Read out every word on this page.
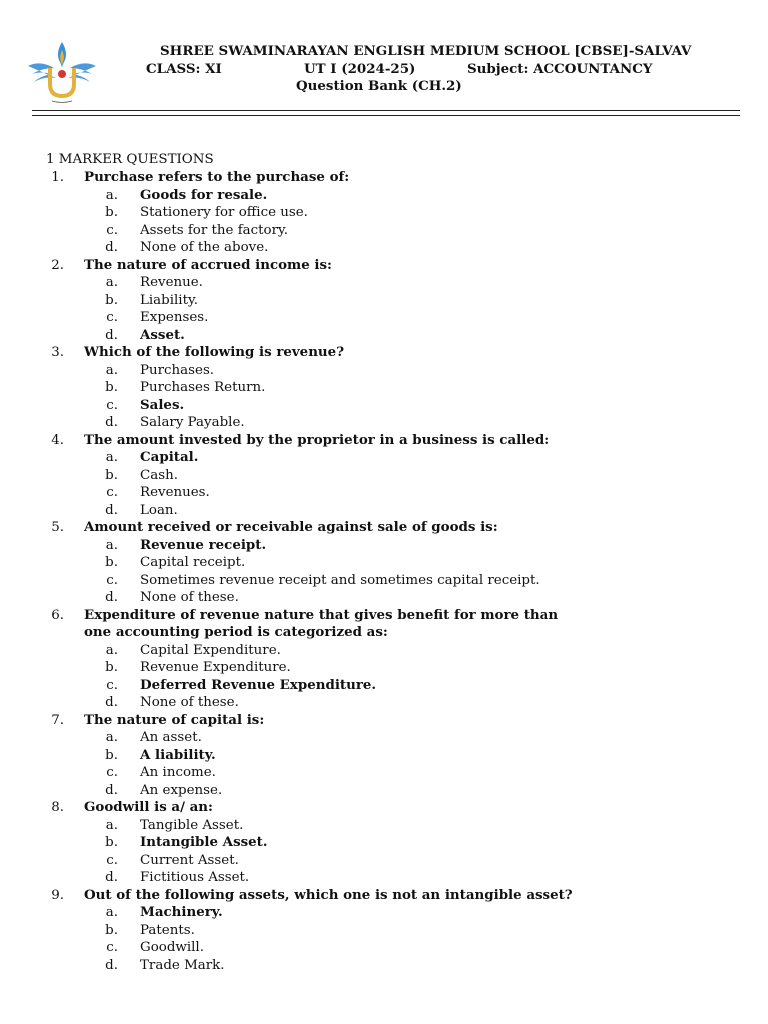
SHREE SWAMINARAYAN ENGLISH MEDIUM SCHOOL [CBSE]-SALVAV
CLASS: XI	UT I (2024-25)	Subject: ACCOUNTANCY
Question Bank (CH.2)
1 MARKER QUESTIONS
1.	Purchase refers to the purchase of:
a.	Goods for resale.
b.	Stationery for office use.
c.	Assets for the factory.
d.	None of the above.
2.	The nature of accrued income is:
a.	Revenue.
b.	Liability.
c.	Expenses.
d.	Asset.
3.	Which of the following is revenue?
a.	Purchases.
b.	Purchases Return.
c.	Sales.
d.	Salary Payable.
4.	The amount invested by the proprietor in a business is called:
a.	Capital.
b.	Cash.
c.	Revenues.
d.	Loan.
5.	Amount received or receivable against sale of goods is:
a.	Revenue receipt.
b.	Capital receipt.
c.	Sometimes revenue receipt and sometimes capital receipt.
d.	None of these.
6.	Expenditure of revenue nature that gives benefit for more than one accounting period is categorized as:
a.	Capital Expenditure.
b.	Revenue Expenditure.
c.	Deferred Revenue Expenditure.
d.	None of these.
7.	The nature of capital is:
a.	An asset.
b.	A liability.
c.	An income.
d.	An expense.
8.	Goodwill is a/ an:
a.	Tangible Asset.
b.	Intangible Asset.
c.	Current Asset.
d.	Fictitious Asset.
9.	Out of the following assets, which one is not an intangible asset?
a.	Machinery.
b.	Patents.
c.	Goodwill.
d.	Trade Mark.
